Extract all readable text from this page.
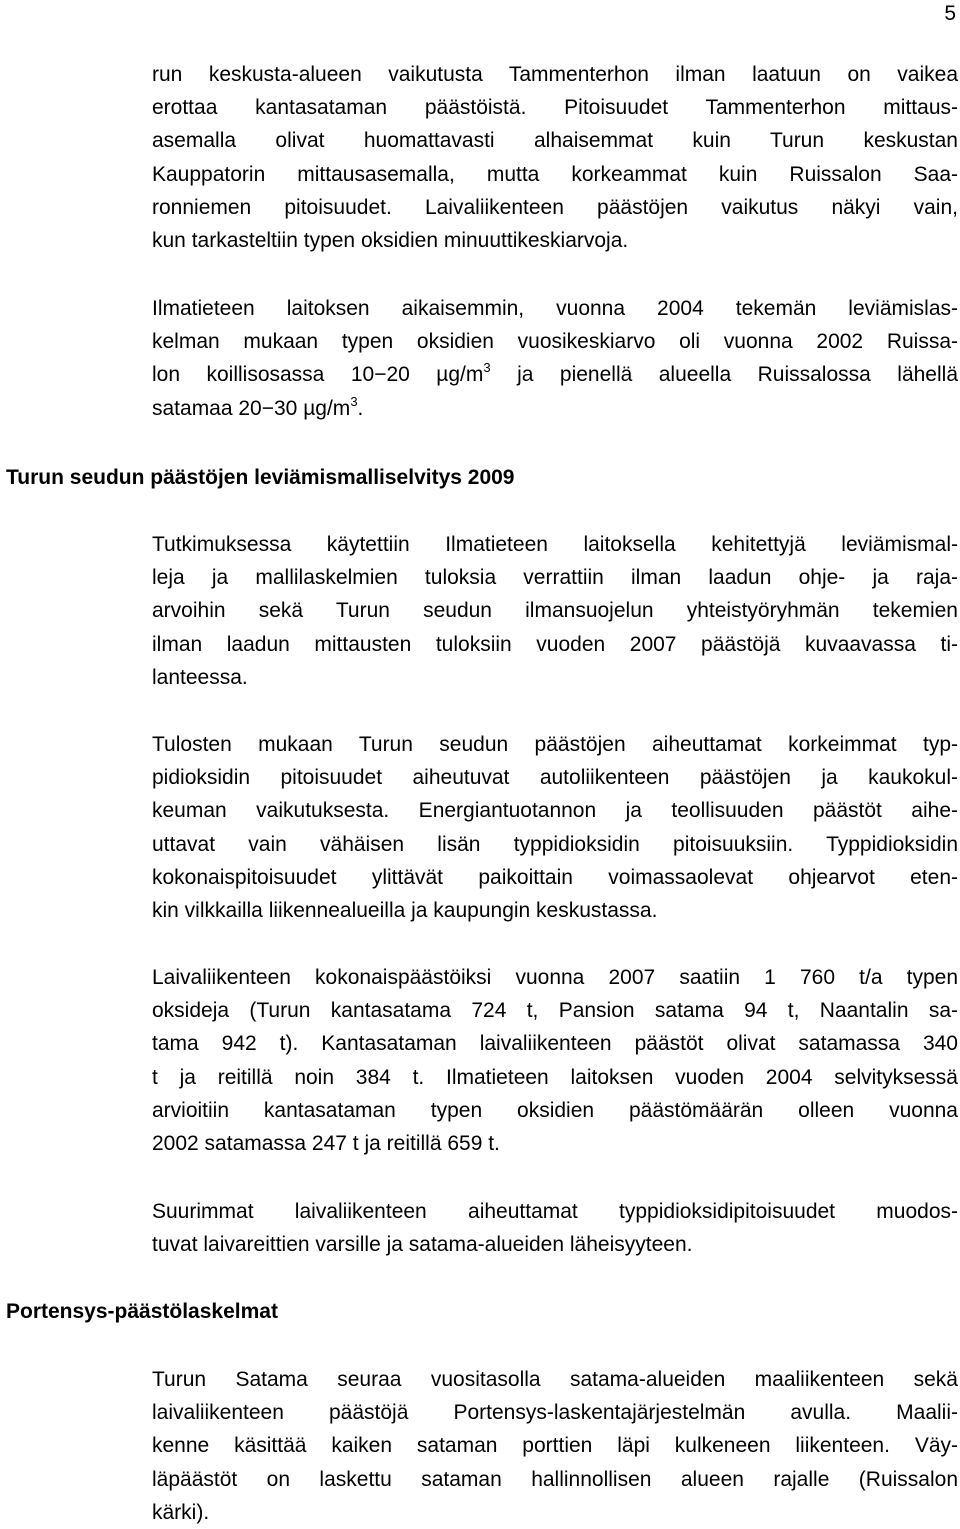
5
run keskusta-alueen vaikutusta Tammenterhon ilman laatuun on vaikea
erottaa kantasataman päästöistä. Pitoisuudet Tammenterhon mittaus-
asemalla olivat huomattavasti alhaisemmat kuin Turun keskustan
Kauppatorin mittausasemalla, mutta korkeammat kuin Ruissalon Saa-
ronniemen pitoisuudet. Laivaliikenteen päästöjen vaikutus näkyi vain,
kun tarkasteltiin typen oksidien minuuttikeskiarvoja.
Ilmatieteen laitoksen aikaisemmin, vuonna 2004 tekemän leviämislas-
kelman mukaan typen oksidien vuosikeskiarvo oli vuonna 2002 Ruissa-
lon koillisosassa 10−20 $\mu g/m^3$ ja pienellä alueella Ruissalossa lähellä
satamaa 20−30 $\mu g/m^3$.
Turun seudun päästöjen leviämismalliselvitys 2009
Tutkimuksessa käytettiin Ilmatieteen laitoksella kehitettyjä leviämismal-
leja ja mallilaskelmien tuloksia verrattiin ilman laadun ohje- ja raja-
arvoihin sekä Turun seudun ilmansuojelun yhteistyöryhmän tekemien
ilman laadun mittausten tuloksiin vuoden 2007 päästöjä kuvaavassa ti-
lanteessa.
Tulosten mukaan Turun seudun päästöjen aiheuttamat korkeimmat typ-
pidioksidin pitoisuudet aiheutuvat autoliikenteen päästöjen ja kaukokul-
keuman vaikutuksesta. Energiantuotannon ja teollisuuden päästöt aihe-
uttavat vain vähäisen lisän typpidioksidin pitoisuuksiin. Typpidioksidin
kokonaispitoisuudet ylittävät paikoittain voimassaolevat ohjearvot eten-
kin vilkkailla liikennealueilla ja kaupungin keskustassa.
Laivaliikenteen kokonaispäästöiksi vuonna 2007 saatiin 1 760 t/a typen
oksideja (Turun kantasatama 724 t, Pansion satama 94 t, Naantalin sa-
tama 942 t). Kantasataman laivaliikenteen päästöt olivat satamassa 340
t ja reitillä noin 384 t. Ilmatieteen laitoksen vuoden 2004 selvityksessä
arvioitiin kantasataman typen oksidien päästömäärän olleen vuonna
2002 satamassa 247 t ja reitillä 659 t.
Suurimmat laivaliikenteen aiheuttamat typpidioksidipitoisuudet muodos-
tuvat laivareittien varsille ja satama-alueiden läheisyyteen.
Portensys-päästölaskelmat
Turun Satama seuraa vuositasolla satama-alueiden maaliikenteen sekä
laivaliikenteen päästöjä Portensys-laskentajärjestelmän avulla. Maalii-
kenne käsittää kaiken sataman porttien läpi kulkeneen liikenteen. Väy-
läpäästöt on laskettu sataman hallinnollisen alueen rajalle (Ruissalon
kärki).
